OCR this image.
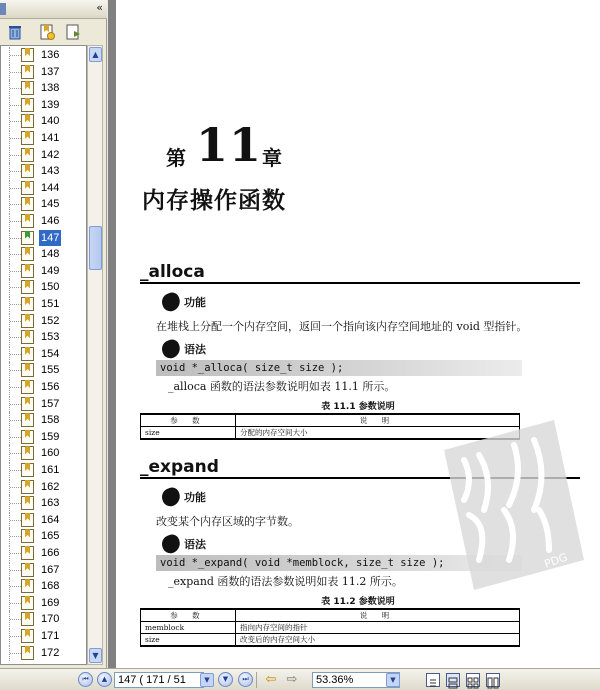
«
136
137
138
139
140
141
142
143
144
145
146
147
148
149
150
151
152
153
154
155
156
157
158
159
160
161
162
163
164
165
166
167
168
169
170
171
172
▲
▼
第 11 章
内存操作函数
_alloca
功能
在堆栈上分配一个内存空间，返回一个指向该内存空间地址的 void 型指针。
语法
void *_alloca( size_t size );
_alloca 函数的语法参数说明如表 11.1 所示。
表 11.1 参数说明
参 数	说 明
size	分配的内存空间大小
_expand
功能
改变某个内存区域的字节数。
语法
void *_expand( void *memblock, size_t size );
_expand 函数的语法参数说明如表 11.2 所示。
表 11.2 参数说明
参 数	说 明
memblock	指向内存空间的指针
size	改变后的内存空间大小
PDG
⏮	▲ 147 ( 171 / 51	▼	▼	⏭	⇦ ⇨	53.36%	▼
